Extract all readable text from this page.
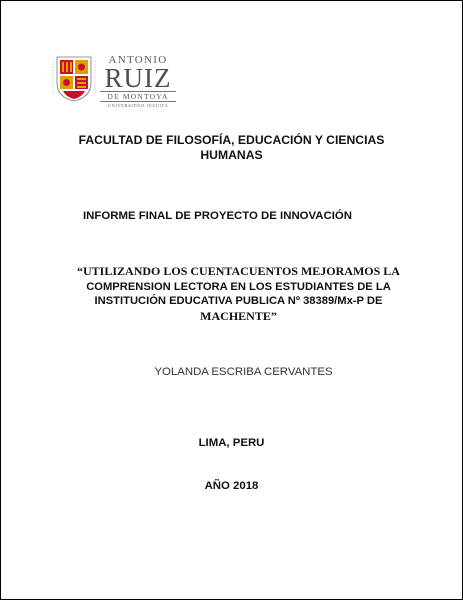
ANTONIO
RUIZ
DE MONTOYA
UNIVERSIDAD JESUITA
FACULTAD DE FILOSOFÍA, EDUCACIÓN Y CIENCIAS HUMANAS
INFORME FINAL DE PROYECTO DE INNOVACIÓN
“UTILIZANDO LOS CUENTACUENTOS MEJORAMOS LA
COMPRENSION LECTORA EN LOS ESTUDIANTES DE LA
INSTITUCIÓN EDUCATIVA PUBLICA Nº 38389/Mx-P DE
MACHENTE”
YOLANDA ESCRIBA CERVANTES
LIMA, PERU
AÑO 2018
